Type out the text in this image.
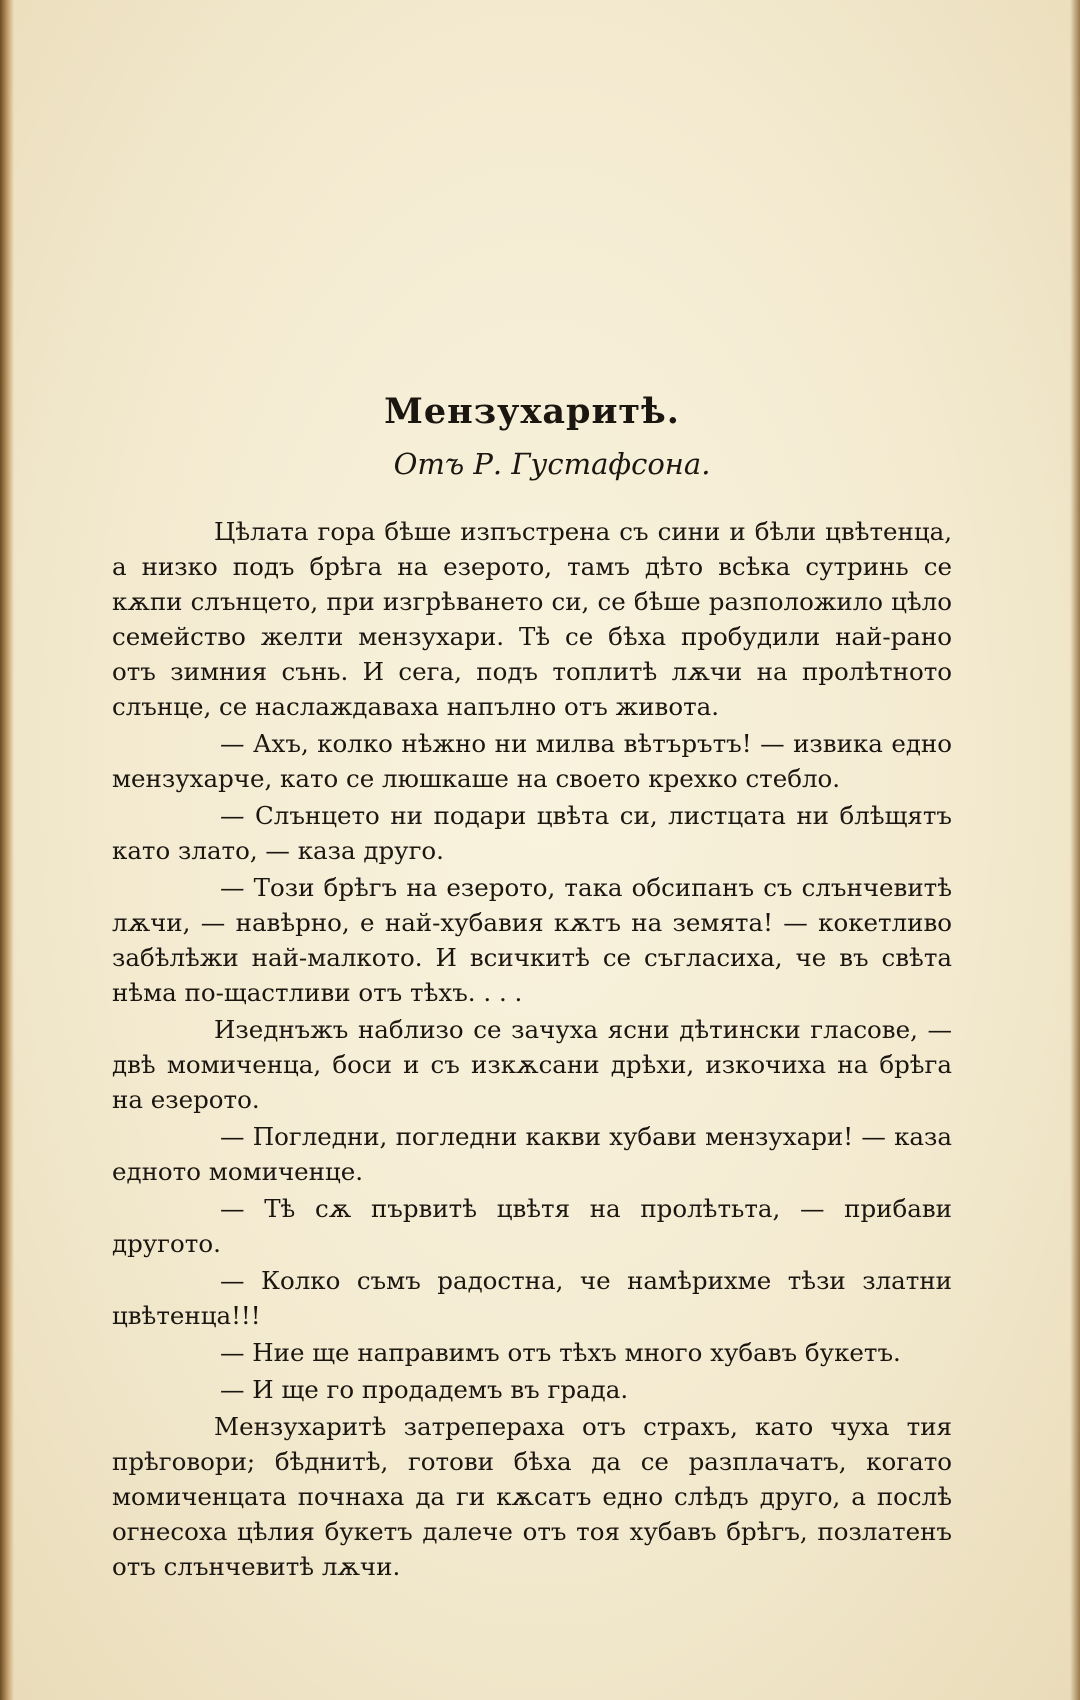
Мензухаритѣ.
Отъ Р. Густафсона.

Цѣлата гора бѣше изпъстрена съ сини и бѣли цвѣтенца, а низко подъ брѣга на езерото, тамъ дѣто всѣка сутринь се кѫпи слънцето, при изгрѣването си, се бѣше разположило цѣло семейство желти мензухари. Тѣ се бѣха пробудили най-рано отъ зимния сънь. И сега, подъ топлитѣ лѫчи на пролѣтното слънце, се наслаждаваха напълно отъ живота.

— Ахъ, колко нѣжно ни милва вѣтърътъ! — извика едно мензухарче, като се люшкаше на своето крехко стебло.

— Слънцето ни подари цвѣта си, листцата ни блѣщятъ като злато, — каза друго.

— Този брѣгъ на езерото, така обсипанъ съ слънчевитѣ лѫчи, — навѣрно, е най-хубавия кѫтъ на земята! — кокетливо забѣлѣжи най-малкото. И всичкитѣ се съгласиха, че въ свѣта нѣма по-щастливи отъ тѣхъ. . . .

Изеднъжъ наблизо се зачуха ясни дѣтински гласове, — двѣ момиченца, боси и съ изкѫсани дрѣхи, изкочиха на брѣга на езерото.

— Погледни, погледни какви хубави мензухари! — каза едното момиченце.

— Тѣ сѫ първитѣ цвѣтя на пролѣтьта, — прибави другото.

— Колко съмъ радостна, че намѣрихме тѣзи златни цвѣтенца!!!

— Ние ще направимъ отъ тѣхъ много хубавъ букетъ.

— И ще го продадемъ въ града.

Мензухаритѣ затрепераха отъ страхъ, като чуха тия прѣговори; бѣднитѣ, готови бѣха да се разплачатъ, когато момиченцата почнаха да ги кѫсатъ едно слѣдъ друго, а послѣ огнесоха цѣлия букетъ далече отъ тоя хубавъ брѣгъ, позлатенъ отъ слънчевитѣ лѫчи.
